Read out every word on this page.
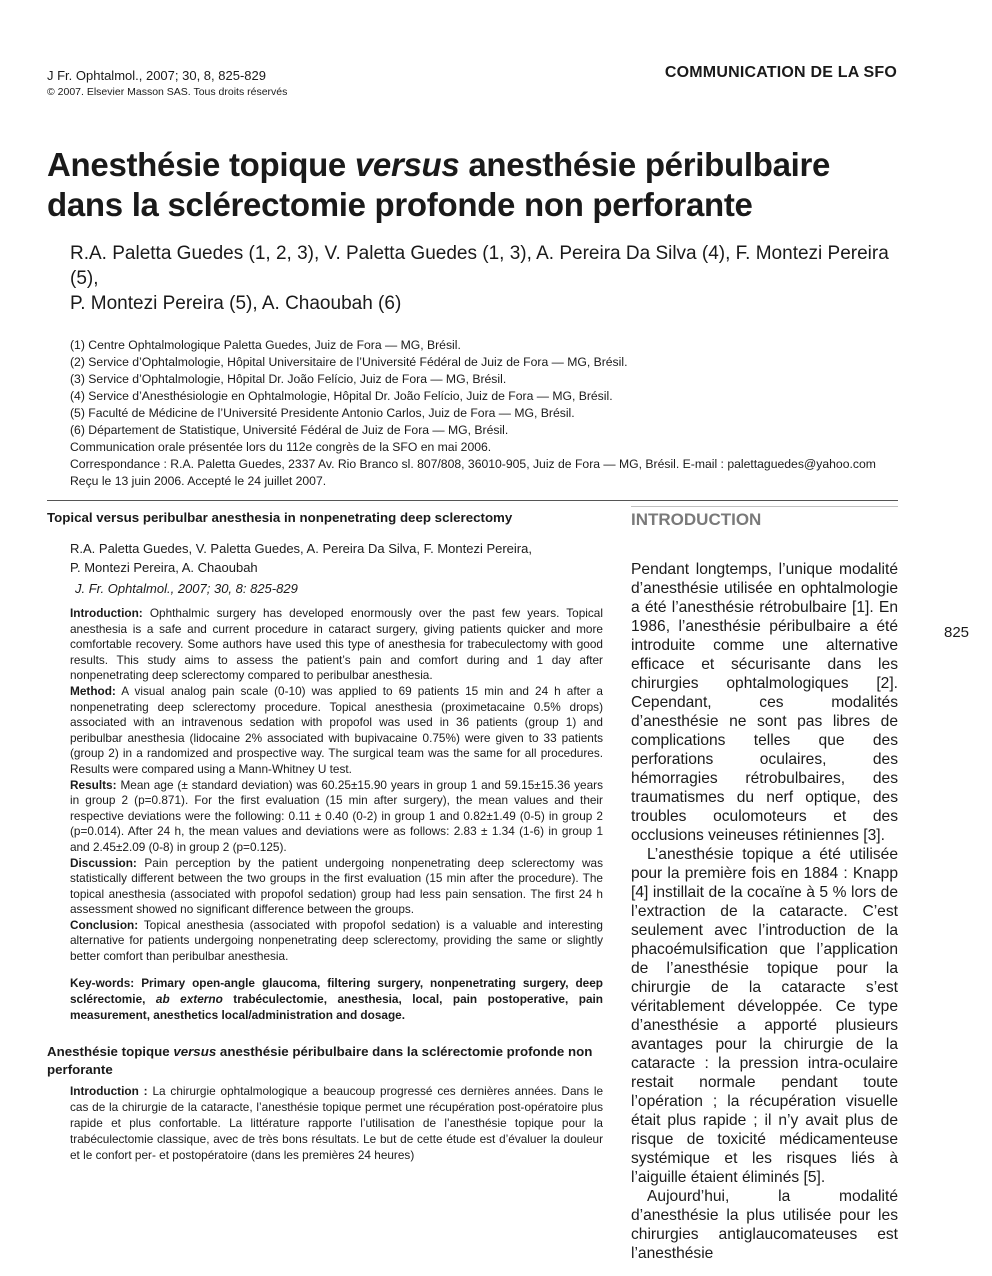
J Fr. Ophtalmol., 2007; 30, 8, 825-829
© 2007. Elsevier Masson SAS. Tous droits réservés
COMMUNICATION DE LA SFO
Anesthésie topique versus anesthésie péribulbaire
dans la sclérectomie profonde non perforante
R.A. Paletta Guedes (1, 2, 3), V. Paletta Guedes (1, 3), A. Pereira Da Silva (4), F. Montezi Pereira (5),
P. Montezi Pereira (5), A. Chaoubah (6)
(1) Centre Ophtalmologique Paletta Guedes, Juiz de Fora — MG, Brésil.
(2) Service d’Ophtalmologie, Hôpital Universitaire de l’Université Fédéral de Juiz de Fora — MG, Brésil.
(3) Service d’Ophtalmologie, Hôpital Dr. João Felício, Juiz de Fora — MG, Brésil.
(4) Service d’Anesthésiologie en Ophtalmologie, Hôpital Dr. João Felício, Juiz de Fora — MG, Brésil.
(5) Faculté de Médicine de l’Université Presidente Antonio Carlos, Juiz de Fora — MG, Brésil.
(6) Département de Statistique, Université Fédéral de Juiz de Fora — MG, Brésil.
Communication orale présentée lors du 112e congrès de la SFO en mai 2006.
Correspondance : R.A. Paletta Guedes, 2337 Av. Rio Branco sl. 807/808, 36010-905, Juiz de Fora — MG, Brésil. E-mail : palettaguedes@yahoo.com
Reçu le 13 juin 2006. Accepté le 24 juillet 2007.
Topical versus peribulbar anesthesia in nonpenetrating deep sclerectomy
R.A. Paletta Guedes, V. Paletta Guedes, A. Pereira Da Silva, F. Montezi Pereira,
P. Montezi Pereira, A. Chaoubah
J. Fr. Ophtalmol., 2007; 30, 8: 825-829

Introduction: Ophthalmic surgery has developed enormously over the past few years. Topical anesthesia is a safe and current procedure in cataract surgery, giving patients quicker and more comfortable recovery. Some authors have used this type of anesthesia for trabeculectomy with good results. This study aims to assess the patient’s pain and comfort during and 1 day after nonpenetrating deep sclerectomy compared to peribulbar anesthesia.

Method: A visual analog pain scale (0-10) was applied to 69 patients 15 min and 24 h after a nonpenetrating deep sclerectomy procedure. Topical anesthesia (proximetacaine 0.5% drops) associated with an intravenous sedation with propofol was used in 36 patients (group 1) and peribulbar anesthesia (lidocaine 2% associated with bupivacaine 0.75%) were given to 33 patients (group 2) in a randomized and prospective way. The surgical team was the same for all procedures. Results were compared using a Mann-Whitney U test.

Results: Mean age (± standard deviation) was 60.25±15.90 years in group 1 and 59.15±15.36 years in group 2 (p=0.871). For the first evaluation (15 min after surgery), the mean values and their respective deviations were the following: 0.11 ± 0.40 (0-2) in group 1 and 0.82±1.49 (0-5) in group 2 (p=0.014). After 24 h, the mean values and deviations were as follows: 2.83 ± 1.34 (1-6) in group 1 and 2.45±2.09 (0-8) in group 2 (p=0.125).

Discussion: Pain perception by the patient undergoing nonpenetrating deep sclerectomy was statistically different between the two groups in the first evaluation (15 min after the procedure). The topical anesthesia (associated with propofol sedation) group had less pain sensation. The first 24 h assessment showed no significant difference between the groups.

Conclusion: Topical anesthesia (associated with propofol sedation) is a valuable and interesting alternative for patients undergoing nonpenetrating deep sclerectomy, providing the same or slightly better comfort than peribulbar anesthesia.

Key-words: Primary open-angle glaucoma, filtering surgery, nonpenetrating surgery, deep sclérectomie, ab externo trabéculectomie, anesthesia, local, pain postoperative, pain measurement, anesthetics local/administration and dosage.
Anesthésie topique versus anesthésie péribulbaire dans la sclérectomie profonde non perforante
Introduction : La chirurgie ophtalmologique a beaucoup progressé ces dernières années. Dans le cas de la chirurgie de la cataracte, l’anesthésie topique permet une récupération post-opératoire plus rapide et plus confortable. La littérature rapporte l’utilisation de l’anesthésie topique pour la trabéculectomie classique, avec de très bons résultats. Le but de cette étude est d’évaluer la douleur et le confort per- et postopératoire (dans les premières 24 heures)
INTRODUCTION

Pendant longtemps, l’unique modalité d’anesthésie utilisée en ophtalmologie a été l’anesthésie rétrobulbaire [1]. En 1986, l’anesthésie péribulbaire a été introduite comme une alternative efficace et sécurisante dans les chirurgies ophtalmologiques [2]. Cependant, ces modalités d’anesthésie ne sont pas libres de complications telles que des perforations oculaires, des hémorragies rétrobulbaires, des traumatismes du nerf optique, des troubles oculomoteurs et des occlusions veineuses rétiniennes [3].

L’anesthésie topique a été utilisée pour la première fois en 1884 : Knapp [4] instillait de la cocaïne à 5 % lors de l’extraction de la cataracte. C’est seulement avec l’introduction de la phacoémulsification que l’application de l’anesthésie topique pour la chirurgie de la cataracte s’est véritablement développée. Ce type d’anesthésie a apporté plusieurs avantages pour la chirurgie de la cataracte : la pression intra-oculaire restait normale pendant toute l’opération ; la récupération visuelle était plus rapide ; il n’y avait plus de risque de toxicité médicamenteuse systémique et les risques liés à l’aiguille étaient éliminés [5].

Aujourd’hui, la modalité d’anesthésie la plus utilisée pour les chirurgies antiglaucomateuses est l’anesthésie

825
